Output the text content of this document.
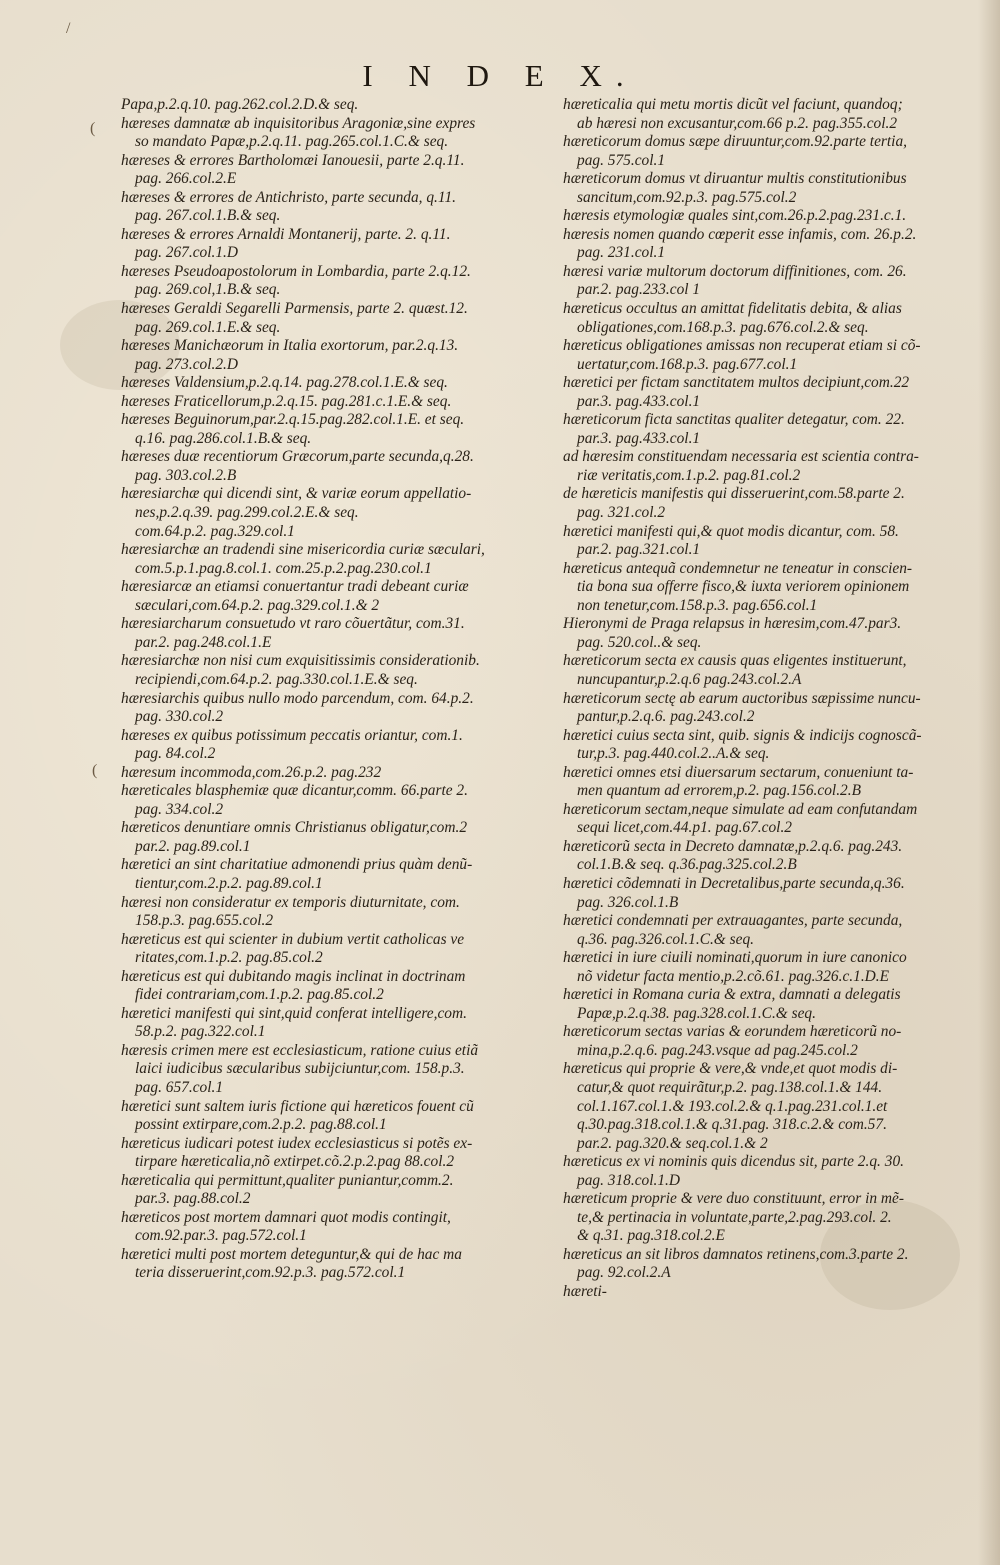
/
(
(
I N D E X.
Papa,p.2.q.10. pag.262.col.2.D.& seq.
hæreses damnatæ ab inquisitoribus Aragoniæ,sine expres
so mandato Papæ,p.2.q.11. pag.265.col.1.C.& seq.
hæreses & errores Bartholomæi Ianouesii, parte 2.q.11.
pag. 266.col.2.E
hæreses & errores de Antichristo, parte secunda, q.11.
pag. 267.col.1.B.& seq.
hæreses & errores Arnaldi Montanerij, parte. 2. q.11.
pag. 267.col.1.D
hæreses Pseudoapostolorum in Lombardia, parte 2.q.12.
pag. 269.col,1.B.& seq.
hæreses Geraldi Segarelli Parmensis, parte 2. quæst.12.
pag. 269.col.1.E.& seq.
hæreses Manichæorum in Italia exortorum, par.2.q.13.
pag. 273.col.2.D
hæreses Valdensium,p.2.q.14. pag.278.col.1.E.& seq.
hæreses Fraticellorum,p.2.q.15. pag.281.c.1.E.& seq.
hæreses Beguinorum,par.2.q.15.pag.282.col.1.E. et seq.
q.16. pag.286.col.1.B.& seq.
hæreses duæ recentiorum Græcorum,parte secunda,q.28.
pag. 303.col.2.B
hæresiarchæ qui dicendi sint, & variæ eorum appellatio-
nes,p.2.q.39. pag.299.col.2.E.& seq.
com.64.p.2. pag.329.col.1
hæresiarchæ an tradendi sine misericordia curiæ sæculari,
com.5.p.1.pag.8.col.1. com.25.p.2.pag.230.col.1
hæresiarcæ an etiamsi conuertantur tradi debeant curiæ
sæculari,com.64.p.2. pag.329.col.1.& 2
hæresiarcharum consuetudo vt raro cõuertãtur, com.31.
par.2. pag.248.col.1.E
hæresiarchæ non nisi cum exquisitissimis considerationib.
recipiendi,com.64.p.2. pag.330.col.1.E.& seq.
hæresiarchis quibus nullo modo parcendum, com. 64.p.2.
pag. 330.col.2
hæreses ex quibus potissimum peccatis oriantur, com.1.
pag. 84.col.2
hæresum incommoda,com.26.p.2. pag.232
hæreticales blasphemiæ quæ dicantur,comm. 66.parte 2.
pag. 334.col.2
hæreticos denuntiare omnis Christianus obligatur,com.2
par.2. pag.89.col.1
hæretici an sint charitatiue admonendi prius quàm denũ-
tientur,com.2.p.2. pag.89.col.1
hæresi non consideratur ex temporis diuturnitate, com.
158.p.3. pag.655.col.2
hæreticus est qui scienter in dubium vertit catholicas ve
ritates,com.1.p.2. pag.85.col.2
hæreticus est qui dubitando magis inclinat in doctrinam
fidei contrariam,com.1.p.2. pag.85.col.2
hæretici manifesti qui sint,quid conferat intelligere,com.
58.p.2. pag.322.col.1
hæresis crimen mere est ecclesiasticum, ratione cuius etiã
laici iudicibus sæcularibus subijciuntur,com. 158.p.3.
pag. 657.col.1
hæretici sunt saltem iuris fictione qui hæreticos fouent cũ
possint extirpare,com.2.p.2. pag.88.col.1
hæreticus iudicari potest iudex ecclesiasticus si potẽs ex-
tirpare hæreticalia,nõ extirpet.cõ.2.p.2.pag 88.col.2
hæreticalia qui permittunt,qualiter puniantur,comm.2.
par.3. pag.88.col.2
hæreticos post mortem damnari quot modis contingit,
com.92.par.3. pag.572.col.1
hæretici multi post mortem deteguntur,& qui de hac ma
teria disseruerint,com.92.p.3. pag.572.col.1
hæreticalia qui metu mortis dicũt vel faciunt, quandoq;
ab hæresi non excusantur,com.66 p.2. pag.355.col.2
hæreticorum domus sæpe diruuntur,com.92.parte tertia,
pag. 575.col.1
hæreticorum domus vt diruantur multis constitutionibus
sancitum,com.92.p.3. pag.575.col.2
hæresis etymologiæ quales sint,com.26.p.2.pag.231.c.1.
hæresis nomen quando cœperit esse infamis, com. 26.p.2.
pag. 231.col.1
hæresi variæ multorum doctorum diffinitiones, com. 26.
par.2. pag.233.col 1
hæreticus occultus an amittat fidelitatis debita, & alias
obligationes,com.168.p.3. pag.676.col.2.& seq.
hæreticus obligationes amissas non recuperat etiam si cõ-
uertatur,com.168.p.3. pag.677.col.1
hæretici per fictam sanctitatem multos decipiunt,com.22
par.3. pag.433.col.1
hæreticorum ficta sanctitas qualiter detegatur, com. 22.
par.3. pag.433.col.1
ad hæresim constituendam necessaria est scientia contra-
riæ veritatis,com.1.p.2. pag.81.col.2
de hæreticis manifestis qui disseruerint,com.58.parte 2.
pag. 321.col.2
hæretici manifesti qui,& quot modis dicantur, com. 58.
par.2. pag.321.col.1
hæreticus antequã condemnetur ne teneatur in conscien-
tia bona sua offerre fisco,& iuxta veriorem opinionem
non tenetur,com.158.p.3. pag.656.col.1
Hieronymi de Praga relapsus in hæresim,com.47.par3.
pag. 520.col..& seq.
hæreticorum secta ex causis quas eligentes instituerunt,
nuncupantur,p.2.q.6 pag.243.col.2.A
hæreticorum sectę ab earum auctoribus sæpissime nuncu-
pantur,p.2.q.6. pag.243.col.2
hæretici cuius secta sint, quib. signis & indicijs cognoscã-
tur,p.3. pag.440.col.2..A.& seq.
hæretici omnes etsi diuersarum sectarum, conueniunt ta-
men quantum ad errorem,p.2. pag.156.col.2.B
hæreticorum sectam,neque simulate ad eam confutandam
sequi licet,com.44.p1. pag.67.col.2
hæreticorũ secta in Decreto damnatæ,p.2.q.6. pag.243.
col.1.B.& seq. q.36.pag.325.col.2.B
hæretici cõdemnati in Decretalibus,parte secunda,q.36.
pag. 326.col.1.B
hæretici condemnati per extrauagantes, parte secunda,
q.36. pag.326.col.1.C.& seq.
hæretici in iure ciuili nominati,quorum in iure canonico
nõ videtur facta mentio,p.2.cõ.61. pag.326.c.1.D.E
hæretici in Romana curia & extra, damnati a delegatis
Papæ,p.2.q.38. pag.328.col.1.C.& seq.
hæreticorum sectas varias & eorundem hæreticorũ no-
mina,p.2.q.6. pag.243.vsque ad pag.245.col.2
hæreticus qui proprie & vere,& vnde,et quot modis di-
catur,& quot requirãtur,p.2. pag.138.col.1.& 144.
col.1.167.col.1.& 193.col.2.& q.1.pag.231.col.1.et
q.30.pag.318.col.1.& q.31.pag. 318.c.2.& com.57.
par.2. pag.320.& seq.col.1.& 2
hæreticus ex vi nominis quis dicendus sit, parte 2.q. 30.
pag. 318.col.1.D
hæreticum proprie & vere duo constituunt, error in mẽ-
te,& pertinacia in voluntate,parte,2.pag.293.col. 2.
& q.31. pag.318.col.2.E
hæreticus an sit libros damnatos retinens,com.3.parte 2.
pag. 92.col.2.A
hæreti-
